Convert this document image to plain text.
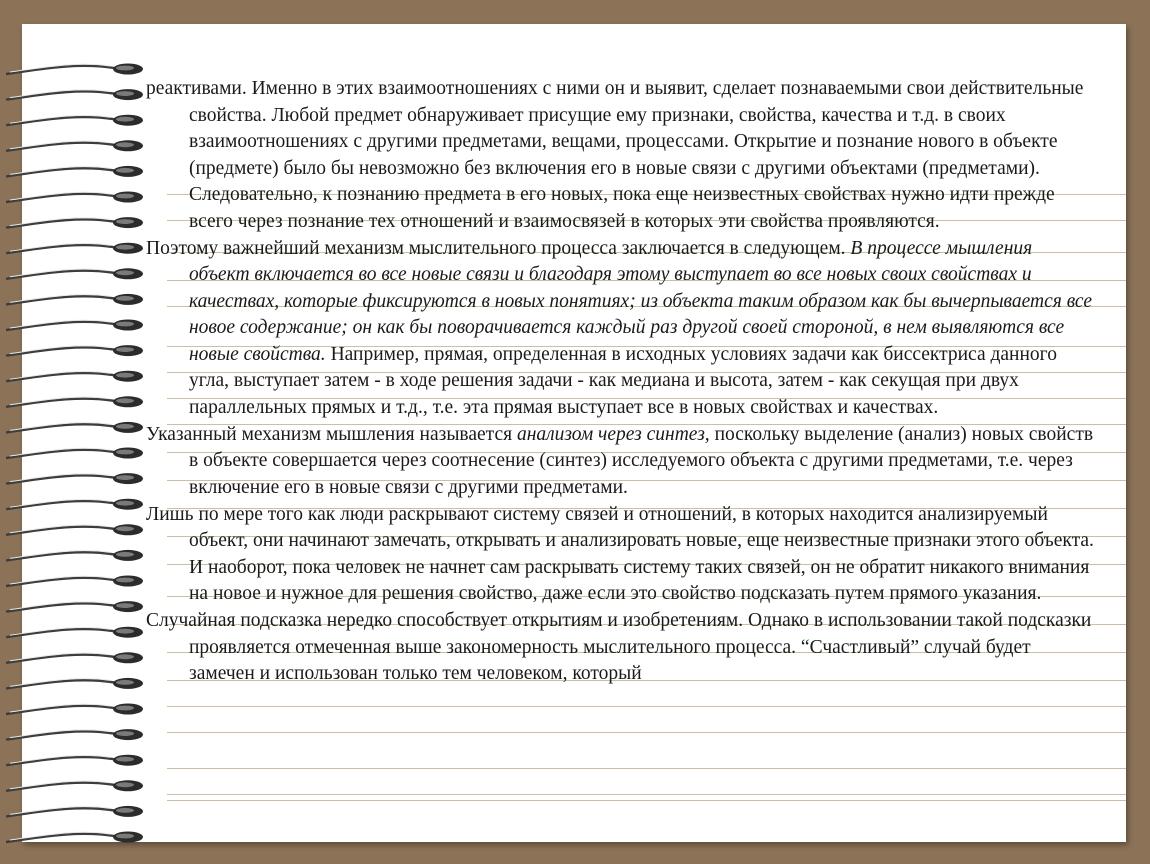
реактивами. Именно в этих взаимоотношениях с ними он и выявит, сделает познаваемыми свои действительные свойства. Любой предмет обнаруживает присущие ему признаки, свойства, качества и т.д. в своих взаимоотношениях с другими предметами, вещами, процессами. Открытие и познание нового в объекте (предмете) было бы невозможно без включения его в новые связи с другими объектами (предметами). Следовательно, к познанию предмета в его новых, пока еще неизвестных свойствах нужно идти прежде всего через познание тех отношений и взаимосвязей в которых эти свойства проявляются.

Поэтому важнейший механизм мыслительного процесса заключается в следующем. В процессе мышления объект включается во все новые связи и благодаря этому выступает во все новых своих свойствах и качествах, которые фиксируются в новых понятиях; из объекта таким образом как бы вычерпывается все новое содержание; он как бы поворачивается каждый раз другой своей стороной, в нем выявляются все новые свойства. Например, прямая, определенная в исходных условиях задачи как биссектриса данного угла, выступает затем - в ходе решения задачи - как медиана и высота, затем - как секущая при двух параллельных прямых и т.д., т.е. эта прямая выступает все в новых свойствах и качествах.

Указанный механизм мышления называется анализом через синтез, поскольку выделение (анализ) новых свойств в объекте совершается через соотнесение (синтез) исследуемого объекта с другими предметами, т.е. через включение его в новые связи с другими предметами.

Лишь по мере того как люди раскрывают систему связей и отношений, в которых находится анализируемый объект, они начинают замечать, открывать и анализировать новые, еще неизвестные признаки этого объекта. И наоборот, пока человек не начнет сам раскрывать систему таких связей, он не обратит никакого внимания на новое и нужное для решения свойство, даже если это свойство подсказать путем прямого указания.

Случайная подсказка нередко способствует открытиям и изобретениям. Однако в использовании такой подсказки проявляется отмеченная выше закономерность мыслительного процесса. “Счастливый” случай будет замечен и использован только тем человеком, который
